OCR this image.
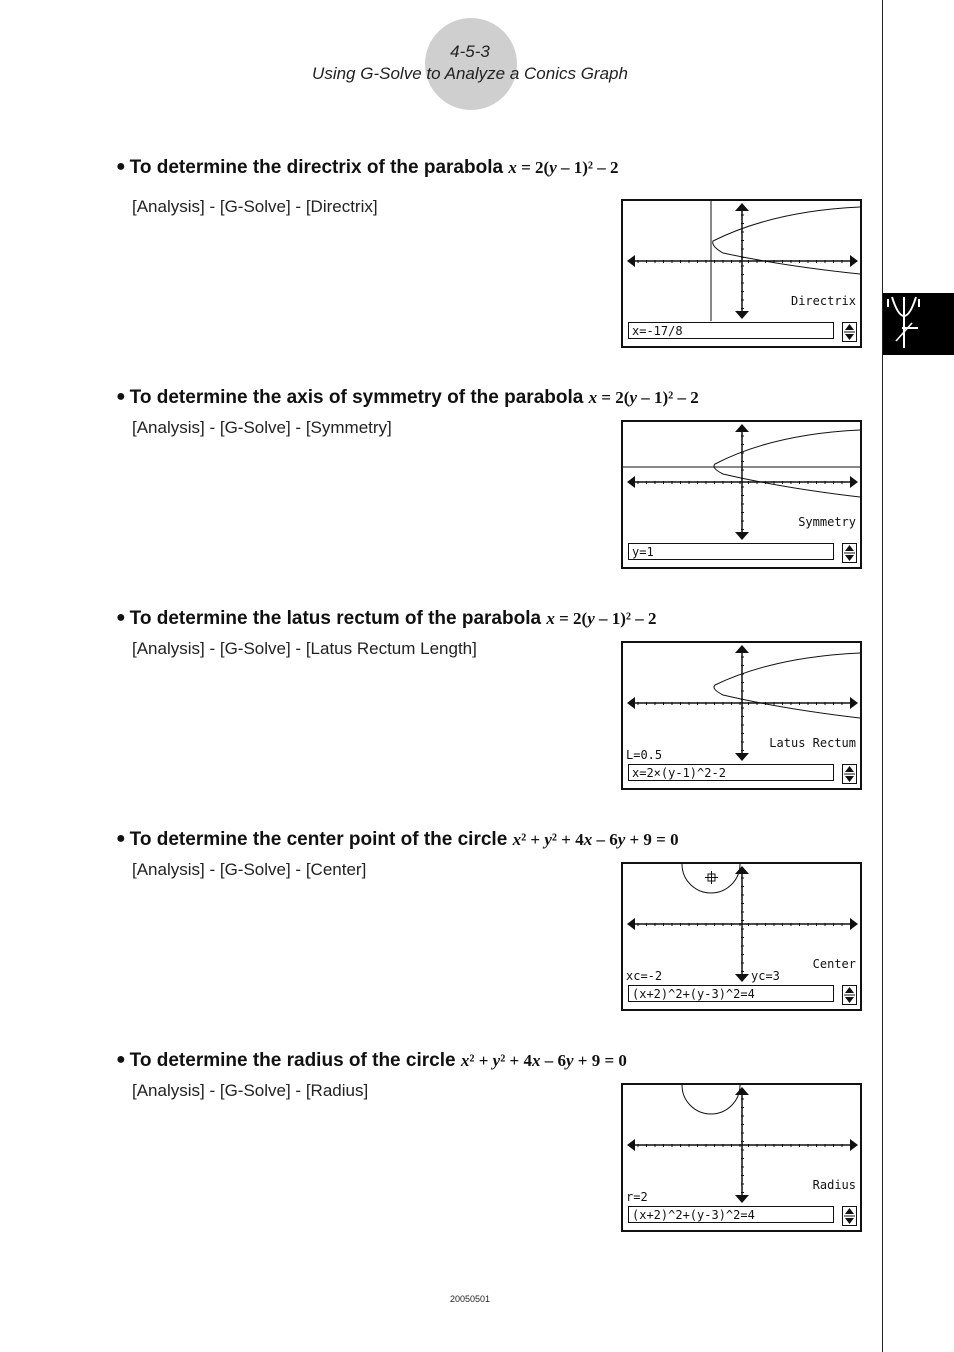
4-5-3
Using G-Solve to Analyze a Conics Graph
● To determine the directrix of the parabola x = 2(y – 1)² – 2
[Analysis] - [G-Solve] - [Directrix]
Directrix
x=-17/8
● To determine the axis of symmetry of the parabola x = 2(y – 1)² – 2
[Analysis] - [G-Solve] - [Symmetry]
Symmetry
y=1
● To determine the latus rectum of the parabola x = 2(y – 1)² – 2
[Analysis] - [G-Solve] - [Latus Rectum Length]
Latus Rectum
L=0.5
x=2×(y-1)^2-2
● To determine the center point of the circle x² + y² + 4x – 6y + 9 = 0
[Analysis] - [G-Solve] - [Center]
Center
xc=-2	yc=3
(x+2)^2+(y-3)^2=4
● To determine the radius of the circle x² + y² + 4x – 6y + 9 = 0
[Analysis] - [G-Solve] - [Radius]
Radius
r=2
(x+2)^2+(y-3)^2=4
20050501
